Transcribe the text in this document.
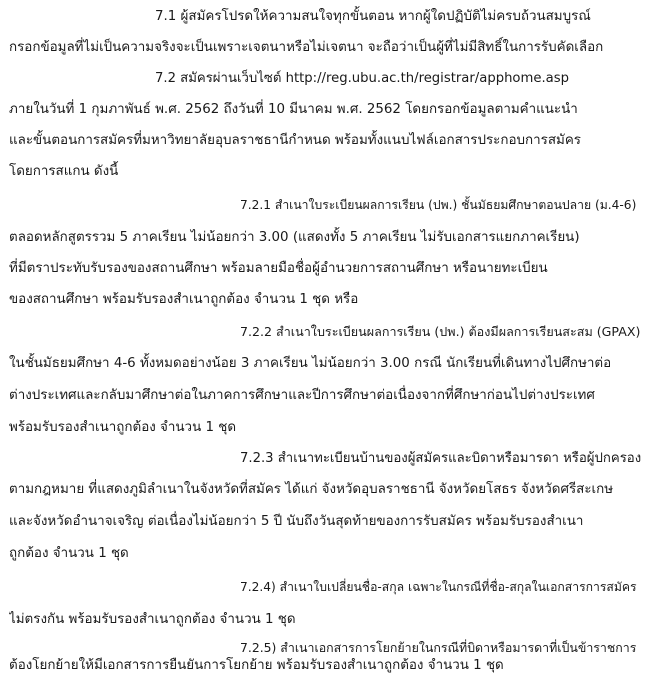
7.1 ผู้สมัครโปรดให้ความสนใจทุกขั้นตอน หากผู้ใดปฏิบัติไม่ครบถ้วนสมบูรณ์
กรอกข้อมูลที่ไม่เป็นความจริงจะเป็นเพราะเจตนาหรือไม่เจตนา จะถือว่าเป็นผู้ที่ไม่มีสิทธิ์ในการรับคัดเลือก
7.2 สมัครผ่านเว็บไซต์ http://reg.ubu.ac.th/registrar/apphome.asp
ภายในวันที่ 1 กุมภาพันธ์ พ.ศ. 2562 ถึงวันที่ 10 มีนาคม พ.ศ. 2562 โดยกรอกข้อมูลตามคำแนะนำ
และขั้นตอนการสมัครที่มหาวิทยาลัยอุบลราชธานีกำหนด พร้อมทั้งแนบไฟล์เอกสารประกอบการสมัคร
โดยการสแกน ดังนี้
7.2.1 สำเนาใบระเบียนผลการเรียน (ปพ.) ชั้นมัธยมศึกษาตอนปลาย (ม.4-6)
ตลอดหลักสูตรรวม 5 ภาคเรียน ไม่น้อยกว่า 3.00 (แสดงทั้ง 5 ภาคเรียน ไม่รับเอกสารแยกภาคเรียน)
ที่มีตราประทับรับรองของสถานศึกษา พร้อมลายมือชื่อผู้อำนวยการสถานศึกษา หรือนายทะเบียน
ของสถานศึกษา พร้อมรับรองสำเนาถูกต้อง จำนวน 1 ชุด หรือ
7.2.2 สำเนาใบระเบียนผลการเรียน (ปพ.) ต้องมีผลการเรียนสะสม (GPAX)
ในชั้นมัธยมศึกษา 4-6 ทั้งหมดอย่างน้อย 3 ภาคเรียน ไม่น้อยกว่า 3.00 กรณี นักเรียนที่เดินทางไปศึกษาต่อ
ต่างประเทศและกลับมาศึกษาต่อในภาคการศึกษาและปีการศึกษาต่อเนื่องจากที่ศึกษาก่อนไปต่างประเทศ
พร้อมรับรองสำเนาถูกต้อง จำนวน 1 ชุด
7.2.3 สำเนาทะเบียนบ้านของผู้สมัครและบิดาหรือมารดา หรือผู้ปกครอง
ตามกฎหมาย ที่แสดงภูมิลำเนาในจังหวัดที่สมัคร ได้แก่ จังหวัดอุบลราชธานี จังหวัดยโสธร จังหวัดศรีสะเกษ
และจังหวัดอำนาจเจริญ ต่อเนื่องไม่น้อยกว่า 5 ปี นับถึงวันสุดท้ายของการรับสมัคร พร้อมรับรองสำเนา
ถูกต้อง จำนวน 1 ชุด
7.2.4) สำเนาใบเปลี่ยนชื่อ-สกุล เฉพาะในกรณีที่ชื่อ-สกุลในเอกสารการสมัคร
ไม่ตรงกัน พร้อมรับรองสำเนาถูกต้อง จำนวน 1 ชุด
7.2.5) สำเนาเอกสารการโยกย้ายในกรณีที่บิดาหรือมารดาที่เป็นข้าราชการ
ต้องโยกย้ายให้มีเอกสารการยืนยันการโยกย้าย พร้อมรับรองสำเนาถูกต้อง จำนวน 1 ชุด
